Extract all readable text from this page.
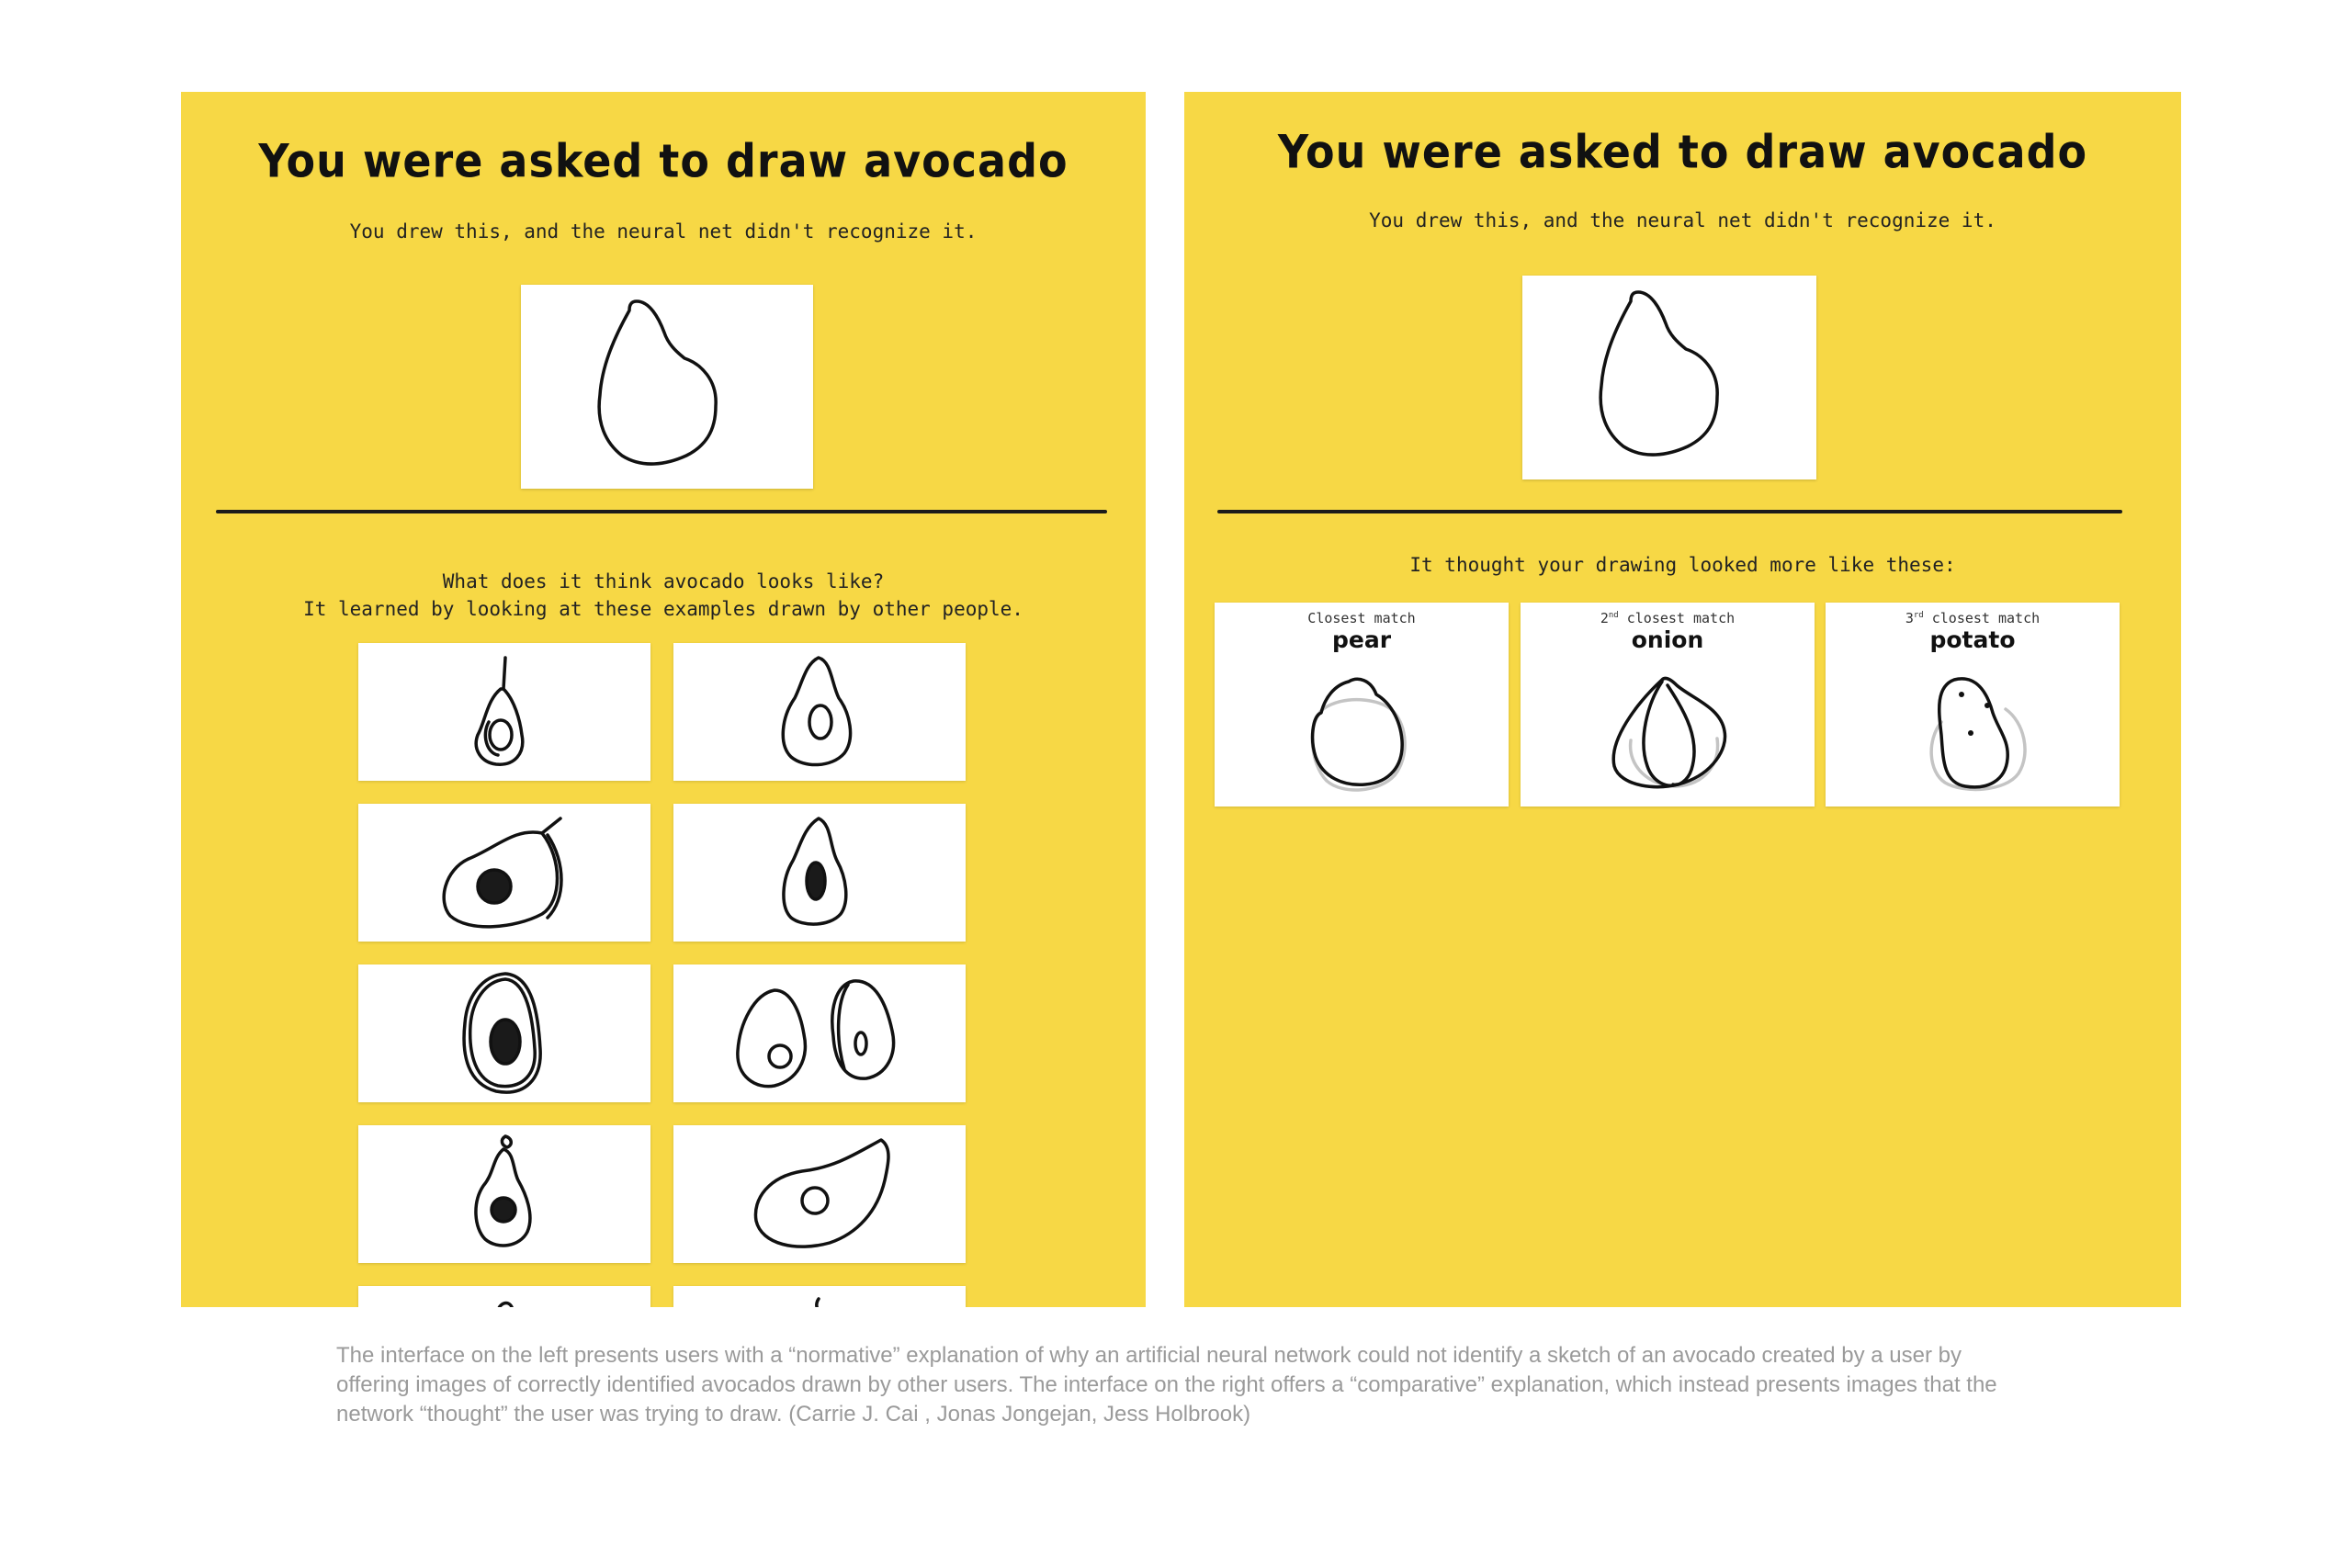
You were asked to draw avocado
You drew this, and the neural net didn't recognize it.
What does it think avocado looks like?
It learned by looking at these examples drawn by other people.
You were asked to draw avocado
You drew this, and the neural net didn't recognize it.
It thought your drawing looked more like these:
Closest match
pear
2nd closest match
onion
3rd closest match
potato
The interface on the left presents users with a “normative” explanation of why an artificial neural network could not identify a sketch of an avocado created by a user by offering images of correctly identified avocados drawn by other users. The interface on the right offers a “comparative” explanation, which instead presents images that the network “thought” the user was trying to draw. (Carrie J. Cai , Jonas Jongejan, Jess Holbrook)
